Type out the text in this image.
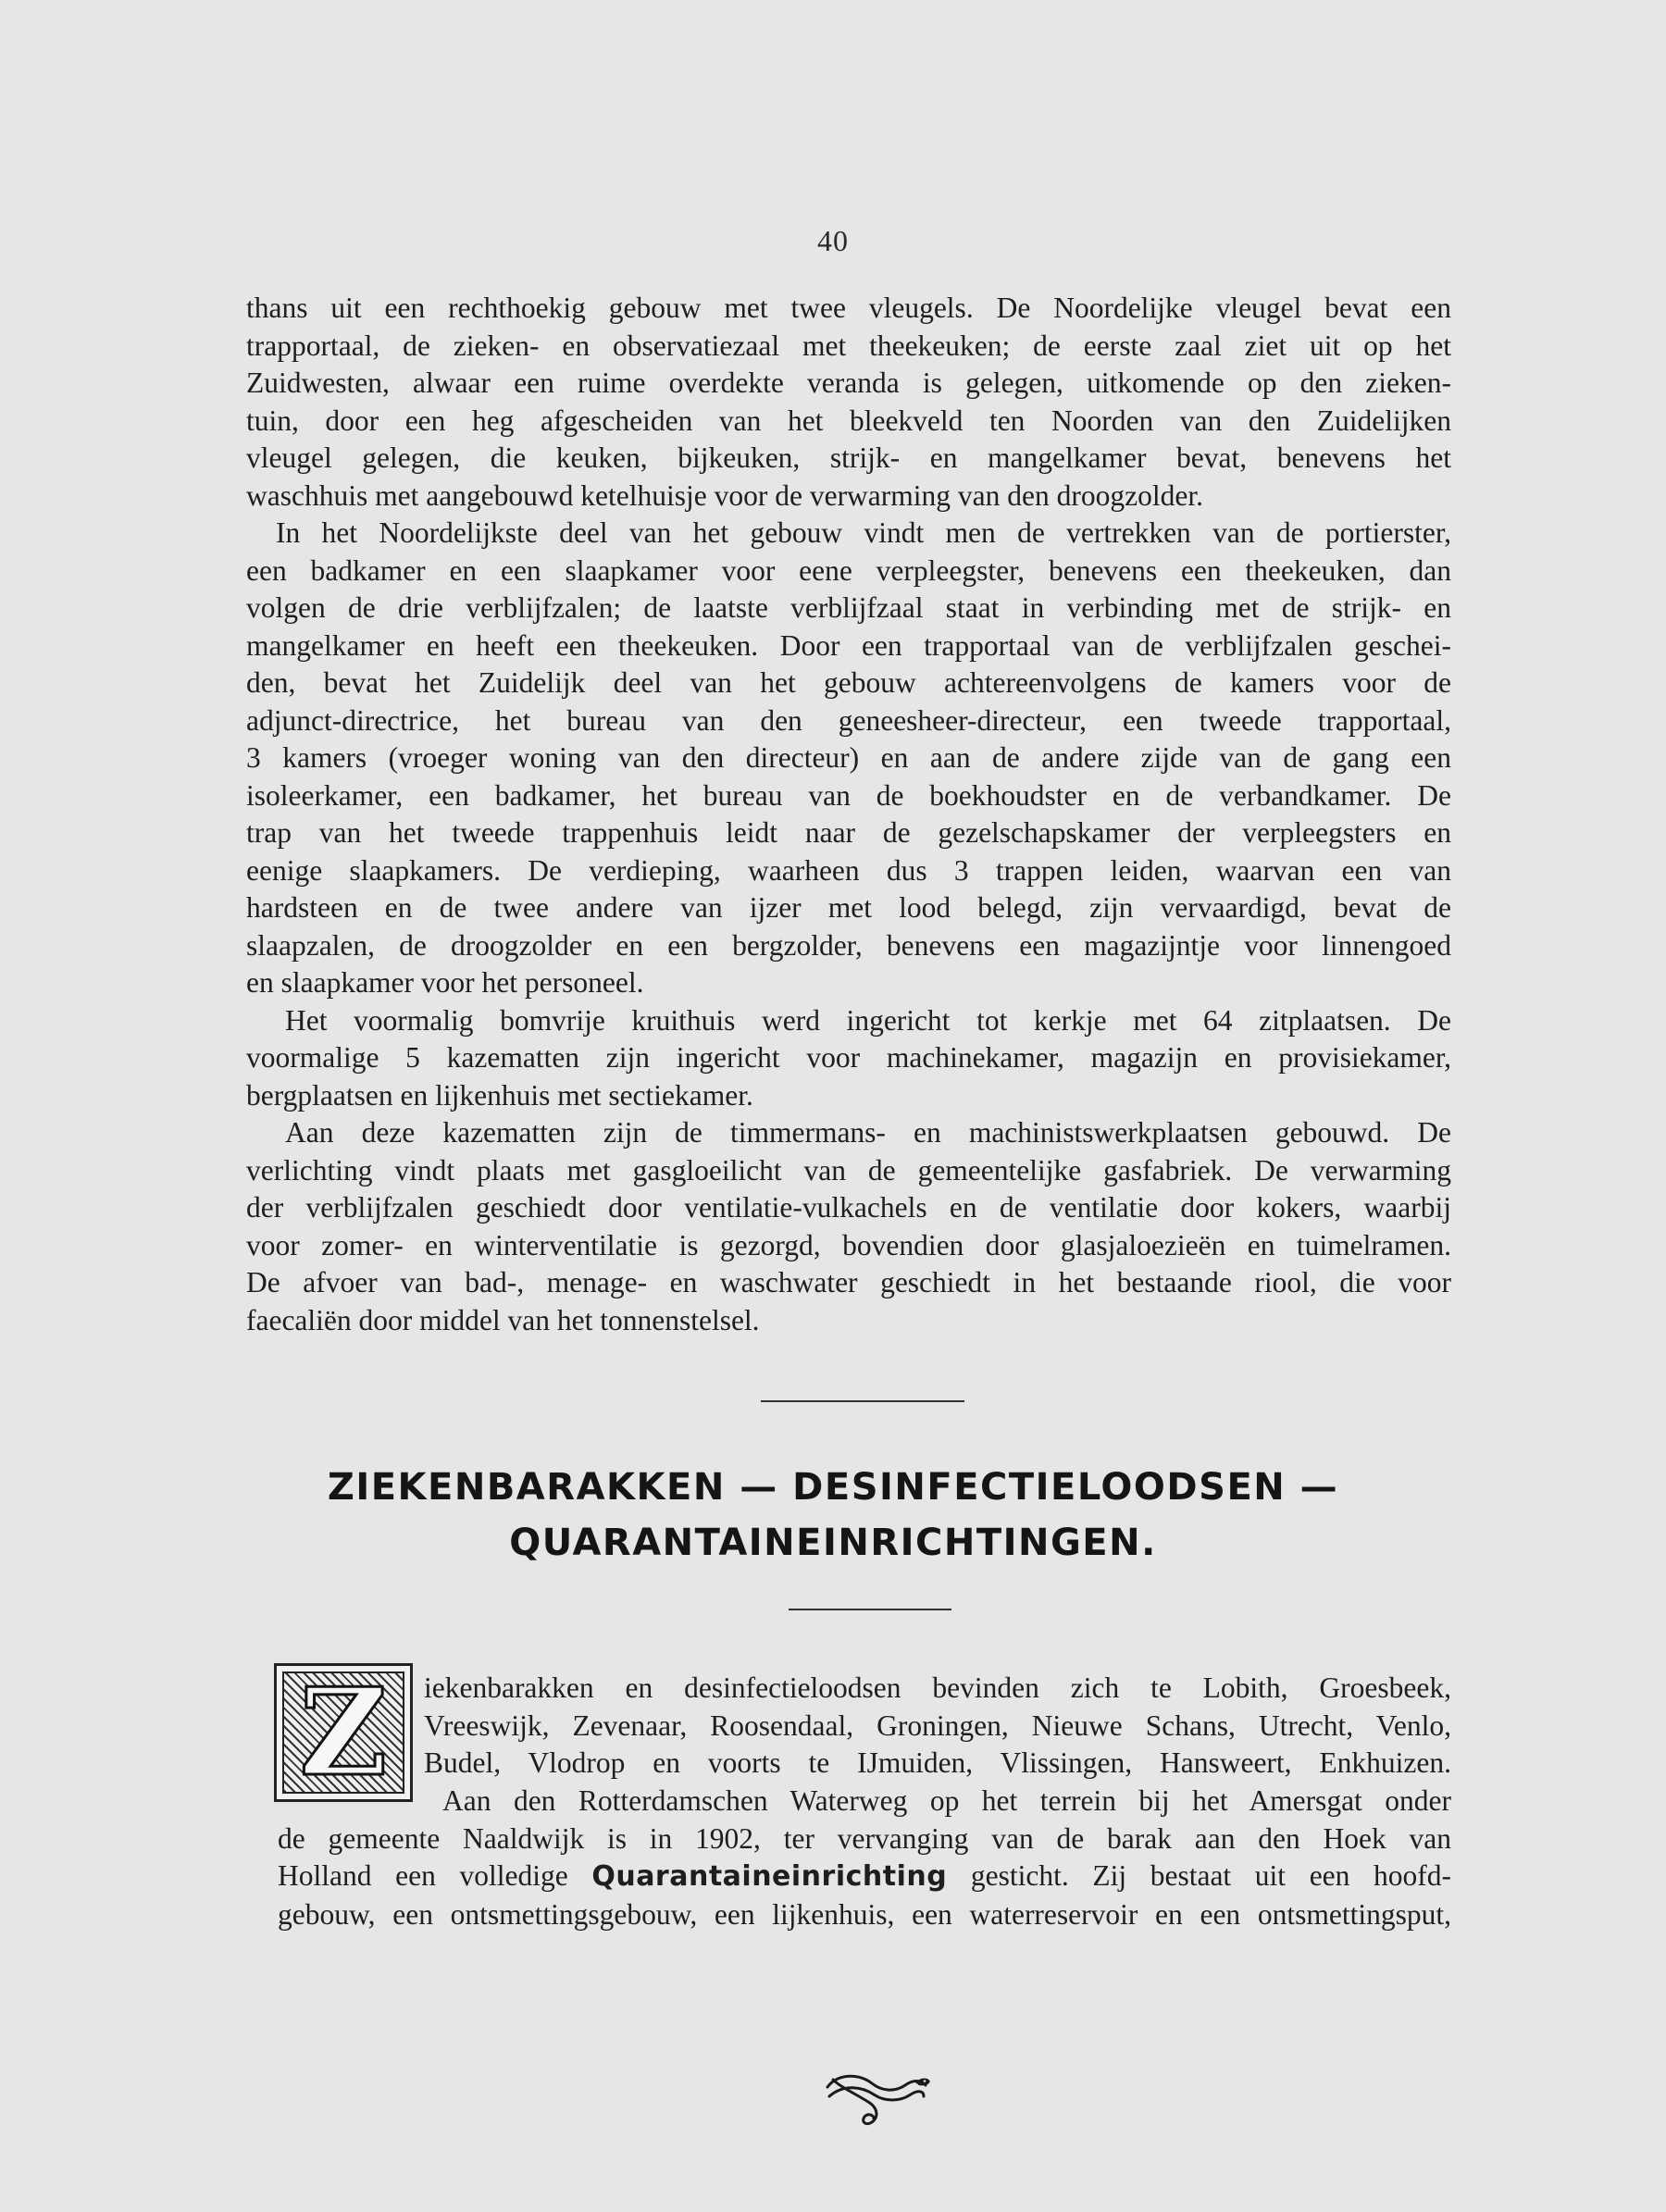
40
thans uit een rechthoekig gebouw met twee vleugels. De Noordelijke vleugel bevat een
trapportaal, de zieken- en observatiezaal met theekeuken; de eerste zaal ziet uit op het
Zuidwesten, alwaar een ruime overdekte veranda is gelegen, uitkomende op den zieken-
tuin, door een heg afgescheiden van het bleekveld ten Noorden van den Zuidelijken
vleugel gelegen, die keuken, bijkeuken, strijk- en mangelkamer bevat, benevens het
waschhuis met aangebouwd ketelhuisje voor de verwarming van den droogzolder.
In het Noordelijkste deel van het gebouw vindt men de vertrekken van de portierster,
een badkamer en een slaapkamer voor eene verpleegster, benevens een theekeuken, dan
volgen de drie verblijfzalen; de laatste verblijfzaal staat in verbinding met de strijk- en
mangelkamer en heeft een theekeuken. Door een trapportaal van de verblijfzalen geschei-
den, bevat het Zuidelijk deel van het gebouw achtereenvolgens de kamers voor de
adjunct-directrice, het bureau van den geneesheer-directeur, een tweede trapportaal,
3 kamers (vroeger woning van den directeur) en aan de andere zijde van de gang een
isoleerkamer, een badkamer, het bureau van de boekhoudster en de verbandkamer. De
trap van het tweede trappenhuis leidt naar de gezelschapskamer der verpleegsters en
eenige slaapkamers. De verdieping, waarheen dus 3 trappen leiden, waarvan een van
hardsteen en de twee andere van ijzer met lood belegd, zijn vervaardigd, bevat de
slaapzalen, de droogzolder en een bergzolder, benevens een magazijntje voor linnengoed
en slaapkamer voor het personeel.
Het voormalig bomvrije kruithuis werd ingericht tot kerkje met 64 zitplaatsen. De
voormalige 5 kazematten zijn ingericht voor machinekamer, magazijn en provisiekamer,
bergplaatsen en lijkenhuis met sectiekamer.
Aan deze kazematten zijn de timmermans- en machinistswerkplaatsen gebouwd. De
verlichting vindt plaats met gasgloeilicht van de gemeentelijke gasfabriek. De verwarming
der verblijfzalen geschiedt door ventilatie-vulkachels en de ventilatie door kokers, waarbij
voor zomer- en winterventilatie is gezorgd, bovendien door glasjaloezieën en tuimelramen.
De afvoer van bad-, menage- en waschwater geschiedt in het bestaande riool, die voor
faecaliën door middel van het tonnenstelsel.
ZIEKENBARAKKEN — DESINFECTIELOODSEN —
QUARANTAINEINRICHTINGEN.
Z	iekenbarakken en desinfectieloodsen bevinden zich te Lobith, Groesbeek,
Vreeswijk, Zevenaar, Roosendaal, Groningen, Nieuwe Schans, Utrecht, Venlo,
Budel, Vlodrop en voorts te IJmuiden, Vlissingen, Hansweert, Enkhuizen.
Aan den Rotterdamschen Waterweg op het terrein bij het Amersgat onder
de gemeente Naaldwijk is in 1902, ter vervanging van de barak aan den Hoek van
Holland een volledige Quarantaineinrichting gesticht. Zij bestaat uit een hoofd-
gebouw, een ontsmettingsgebouw, een lijkenhuis, een waterreservoir en een ontsmettingsput,
